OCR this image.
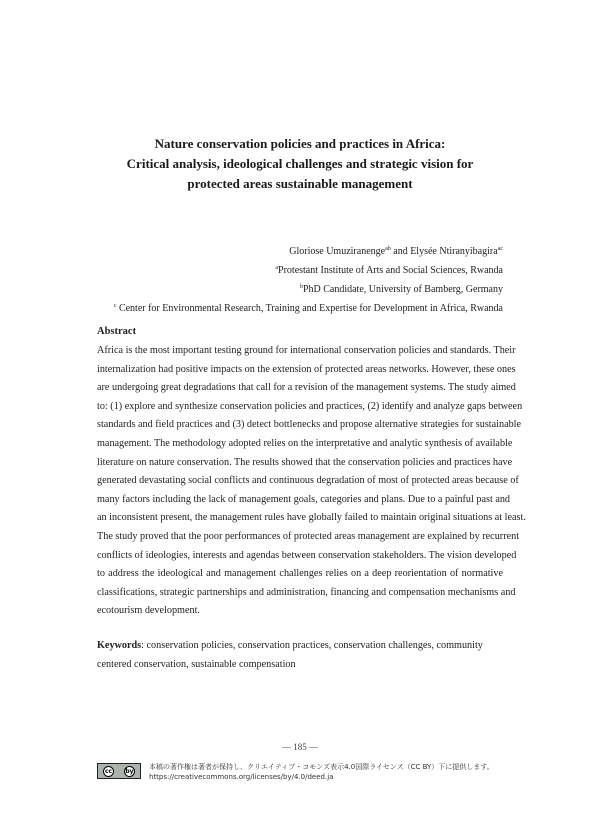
Nature conservation policies and practices in Africa:
Critical analysis, ideological challenges and strategic vision for
protected areas sustainable management
Gloriose Umuziranenge$^{ab}$ and Elysée Ntiranyibagira$^{ac}$
$^a$Protestant Institute of Arts and Social Sciences, Rwanda
$^b$PhD Candidate, University of Bamberg, Germany
$^c$ Center for Environmental Research, Training and Expertise for Development in Africa, Rwanda
Abstract
Africa is the most important testing ground for international conservation policies and standards. Their
internalization had positive impacts on the extension of protected areas networks. However, these ones
are undergoing great degradations that call for a revision of the management systems. The study aimed
to: (1) explore and synthesize conservation policies and practices, (2) identify and analyze gaps between
standards and field practices and (3) detect bottlenecks and propose alternative strategies for sustainable
management. The methodology adopted relies on the interpretative and analytic synthesis of available
literature on nature conservation. The results showed that the conservation policies and practices have
generated devastating social conflicts and continuous degradation of most of protected areas because of
many factors including the lack of management goals, categories and plans. Due to a painful past and
an inconsistent present, the management rules have globally failed to maintain original situations at least.
The study proved that the poor performances of protected areas management are explained by recurrent
conflicts of ideologies, interests and agendas between conservation stakeholders. The vision developed
to address the ideological and management challenges relies on a deep reorientation of normative
classifications, strategic partnerships and administration, financing and compensation mechanisms and
ecotourism development.
Keywords: conservation policies, conservation practices, conservation challenges, community
centered conservation, sustainable compensation
— 185 —
cc	by 本稿の著作権は著者が保持し、クリエイティブ・コモンズ表示4.0国際ライセンス（CC BY）下に提供します。
https://creativecommons.org/licenses/by/4.0/deed.ja
